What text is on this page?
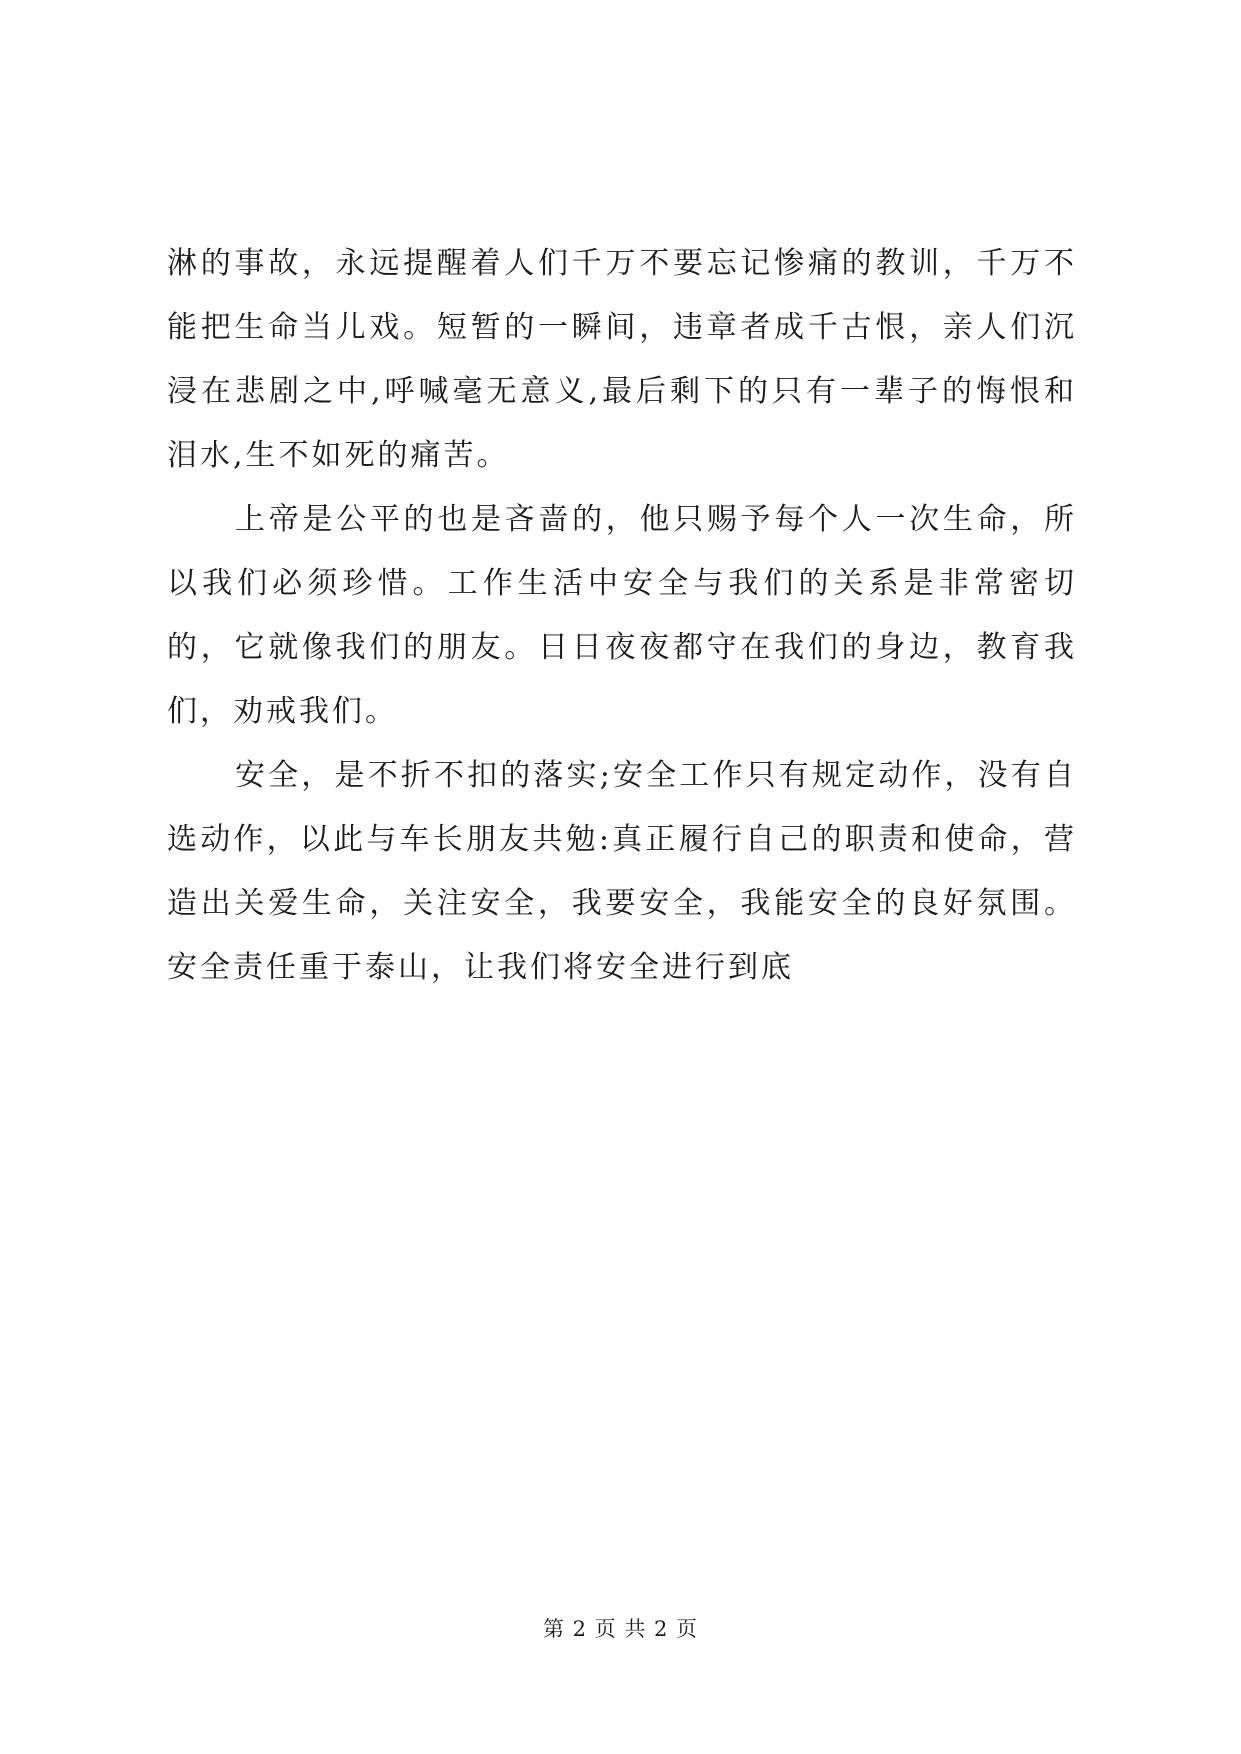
淋的事故，永远提醒着人们千万不要忘记惨痛的教训，千万不能把生命当儿戏。短暂的一瞬间，违章者成千古恨，亲人们沉浸在悲剧之中,呼喊毫无意义,最后剩下的只有一辈子的悔恨和泪水,生不如死的痛苦。

上帝是公平的也是吝啬的，他只赐予每个人一次生命，所以我们必须珍惜。工作生活中安全与我们的关系是非常密切的，它就像我们的朋友。日日夜夜都守在我们的身边，教育我们，劝戒我们。

安全，是不折不扣的落实;安全工作只有规定动作，没有自选动作，以此与车长朋友共勉:真正履行自己的职责和使命，营造出关爱生命，关注安全，我要安全，我能安全的良好氛围。安全责任重于泰山，让我们将安全进行到底

第 2 页 共 2 页
